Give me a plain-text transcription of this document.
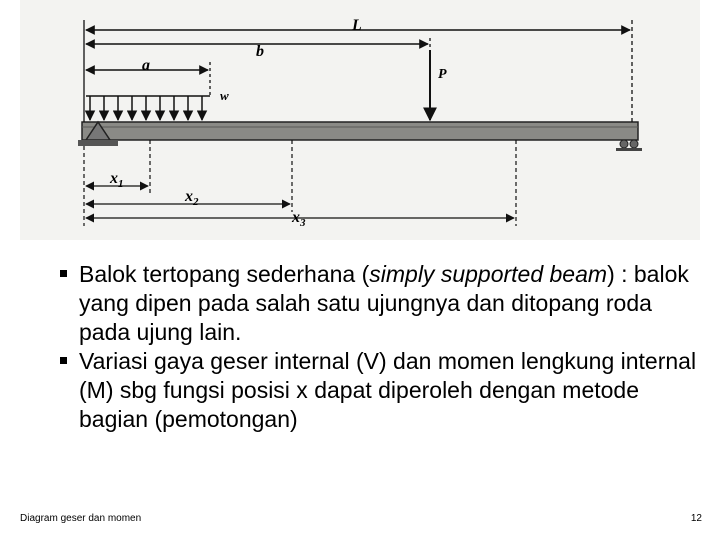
w
P
L
b
a
$x_1$
$x_2$
$x_3$
Balok tertopang sederhana (simply supported beam) : balok yang dipen pada salah satu ujungnya dan ditopang roda pada ujung lain.
Variasi gaya geser internal (V) dan momen lengkung internal (M) sbg fungsi posisi x dapat diperoleh dengan metode bagian (pemotongan)
Diagram geser dan momen	12
